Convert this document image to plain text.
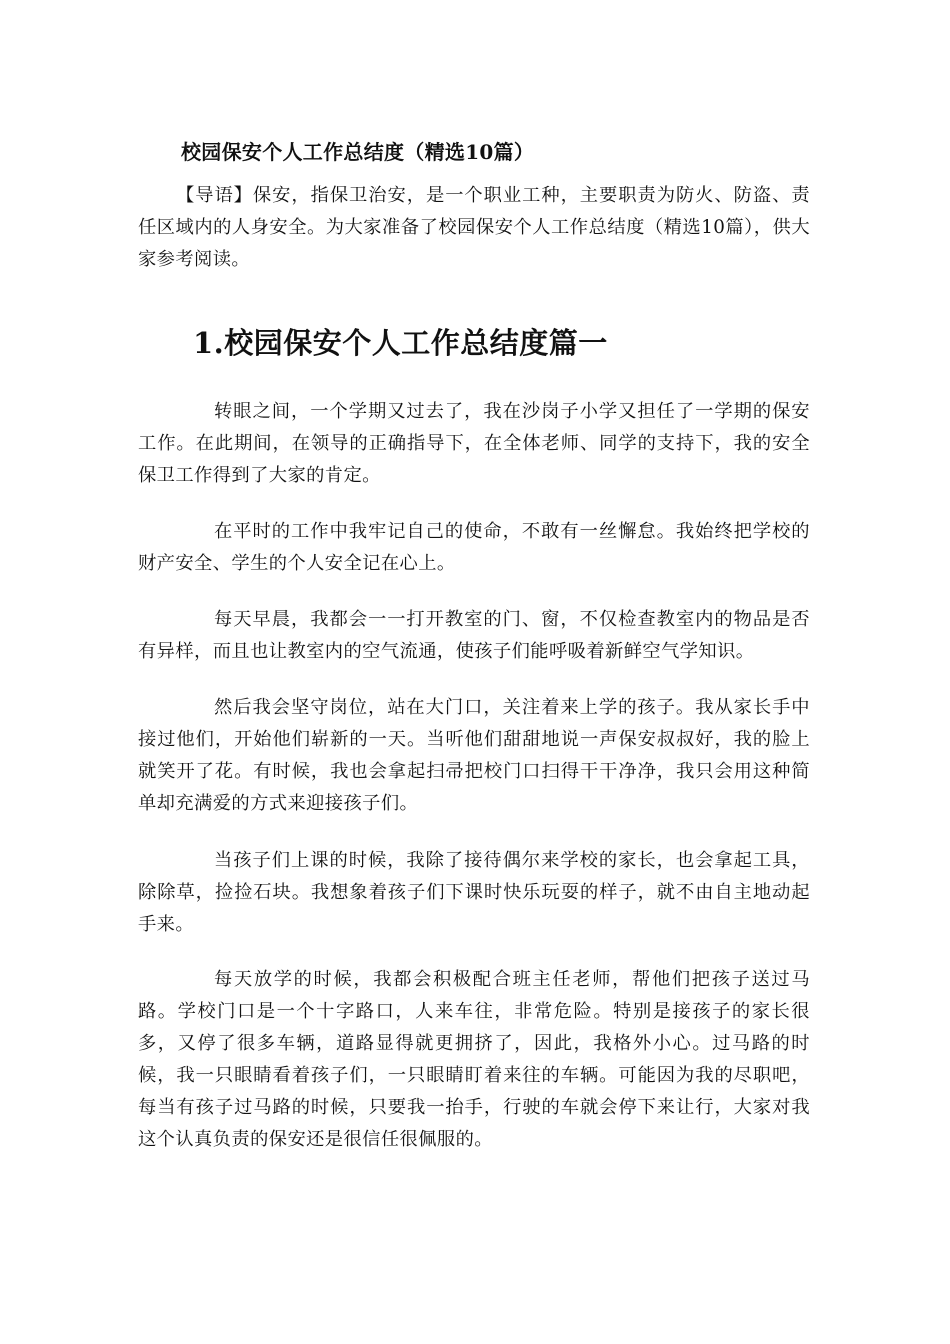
校园保安个人工作总结度（精选10篇）

【导语】保安，指保卫治安，是一个职业工种，主要职责为防火、防盗、责任区域内的人身安全。为大家准备了校园保安个人工作总结度（精选10篇），供大家参考阅读。

1.校园保安个人工作总结度篇一

转眼之间，一个学期又过去了，我在沙岗子小学又担任了一学期的保安工作。在此期间，在领导的正确指导下，在全体老师、同学的支持下，我的安全保卫工作得到了大家的肯定。

在平时的工作中我牢记自己的使命，不敢有一丝懈怠。我始终把学校的财产安全、学生的个人安全记在心上。

每天早晨，我都会一一打开教室的门、窗，不仅检查教室内的物品是否有异样，而且也让教室内的空气流通，使孩子们能呼吸着新鲜空气学知识。

然后我会坚守岗位，站在大门口，关注着来上学的孩子。我从家长手中接过他们，开始他们崭新的一天。当听他们甜甜地说一声保安叔叔好，我的脸上就笑开了花。有时候，我也会拿起扫帚把校门口扫得干干净净，我只会用这种简单却充满爱的方式来迎接孩子们。

当孩子们上课的时候，我除了接待偶尔来学校的家长，也会拿起工具，除除草，捡捡石块。我想象着孩子们下课时快乐玩耍的样子，就不由自主地动起手来。

每天放学的时候，我都会积极配合班主任老师，帮他们把孩子送过马路。学校门口是一个十字路口，人来车往，非常危险。特别是接孩子的家长很多，又停了很多车辆，道路显得就更拥挤了，因此，我格外小心。过马路的时候，我一只眼睛看着孩子们，一只眼睛盯着来往的车辆。可能因为我的尽职吧，每当有孩子过马路的时候，只要我一抬手，行驶的车就会停下来让行，大家对我这个认真负责的保安还是很信任很佩服的。
